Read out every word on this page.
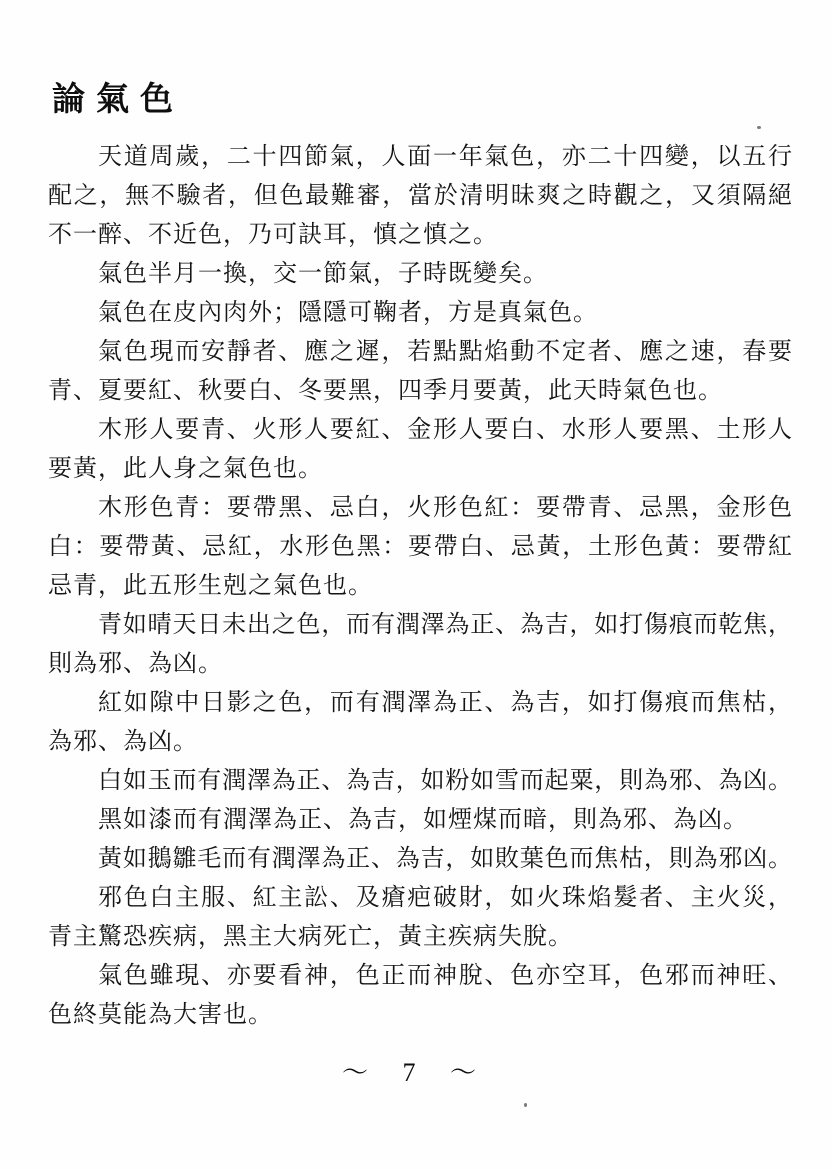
論氣色
天道周歲，二十四節氣，人面一年氣色，亦二十四變，以五行
配之，無不驗者，但色最難審，當於清明昧爽之時觀之，又須隔絕
不一醉、不近色，乃可訣耳，慎之慎之。
氣色半月一換，交一節氣，子時既變矣。
氣色在皮內肉外；隱隱可鞠者，方是真氣色。
氣色現而安靜者、應之遲，若點點焰動不定者、應之速，春要
青、夏要紅、秋要白、冬要黑，四季月要黃，此天時氣色也。
木形人要青、火形人要紅、金形人要白、水形人要黑、土形人
要黃，此人身之氣色也。
木形色青：要帶黑、忌白，火形色紅：要帶青、忌黑，金形色
白：要帶黃、忌紅，水形色黑：要帶白、忌黃，土形色黃：要帶紅
忌青，此五形生剋之氣色也。
青如晴天日未出之色，而有潤澤為正、為吉，如打傷痕而乾焦，
則為邪、為凶。
紅如隙中日影之色，而有潤澤為正、為吉，如打傷痕而焦枯，
為邪、為凶。
白如玉而有潤澤為正、為吉，如粉如雪而起粟，則為邪、為凶。
黑如漆而有潤澤為正、為吉，如煙煤而暗，則為邪、為凶。
黃如鵝雛毛而有潤澤為正、為吉，如敗葉色而焦枯，則為邪凶。
邪色白主服、紅主訟、及瘡疤破財，如火珠焰髮者、主火災，
青主驚恐疾病，黑主大病死亡，黃主疾病失脫。
氣色雖現、亦要看神，色正而神脫、色亦空耳，色邪而神旺、
色終莫能為大害也。
～ 7 ～
